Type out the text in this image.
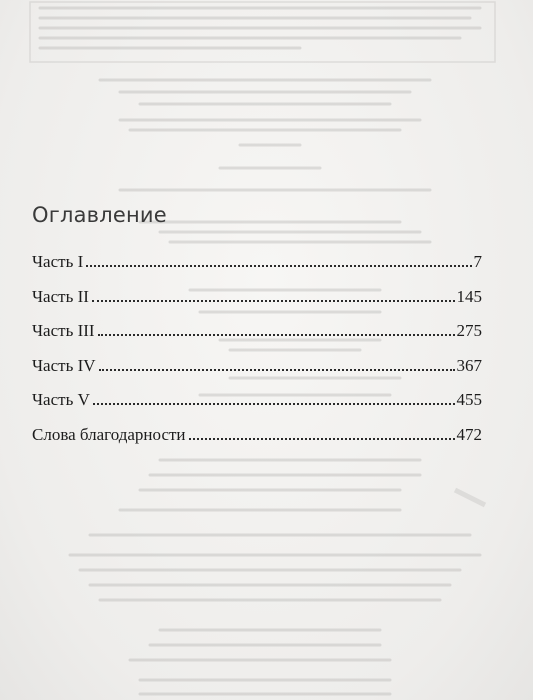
Оглавление
Часть I	7
Часть II	145
Часть III	275
Часть IV	367
Часть V	455
Слова благодарности	472
